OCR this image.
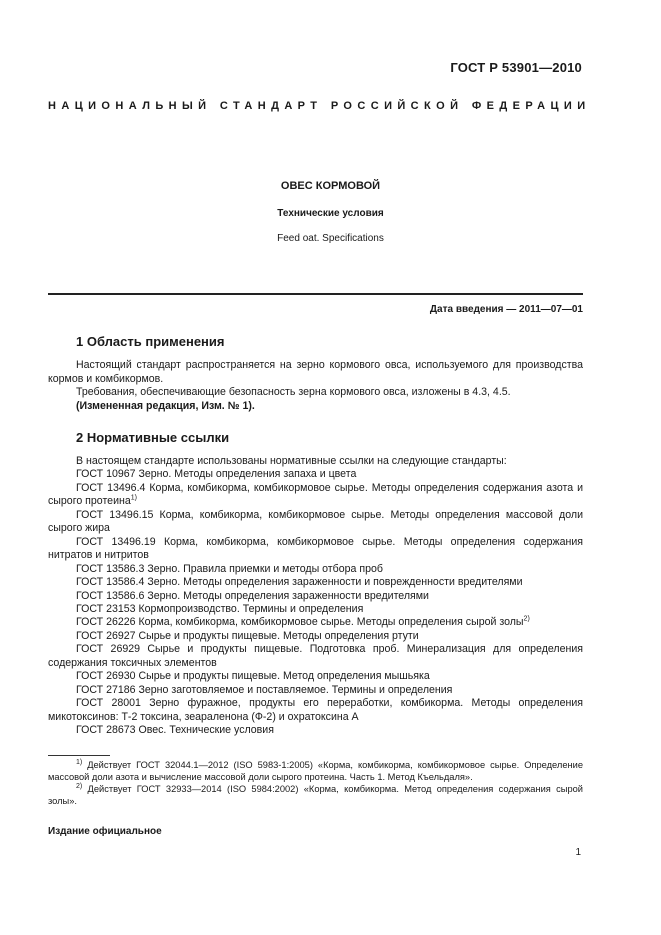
ГОСТ Р 53901—2010
НАЦИОНАЛЬНЫЙ СТАНДАРТ РОССИЙСКОЙ ФЕДЕРАЦИИ
ОВЕС КОРМОВОЙ
Технические условия
Feed oat. Specifications
Дата введения — 2011—07—01
1 Область применения
Настоящий стандарт распространяется на зерно кормового овса, используемого для производства кормов и комбикормов.
Требования, обеспечивающие безопасность зерна кормового овса, изложены в 4.3, 4.5.
(Измененная редакция, Изм. № 1).
2 Нормативные ссылки
В настоящем стандарте использованы нормативные ссылки на следующие стандарты:
ГОСТ 10967 Зерно. Методы определения запаха и цвета
ГОСТ 13496.4 Корма, комбикорма, комбикормовое сырье. Методы определения содержания азота и сырого протеина$^{1)}$
ГОСТ 13496.15 Корма, комбикорма, комбикормовое сырье. Методы определения массовой доли сырого жира
ГОСТ 13496.19 Корма, комбикорма, комбикормовое сырье. Методы определения содержания нитратов и нитритов
ГОСТ 13586.3 Зерно. Правила приемки и методы отбора проб
ГОСТ 13586.4 Зерно. Методы определения зараженности и поврежденности вредителями
ГОСТ 13586.6 Зерно. Методы определения зараженности вредителями
ГОСТ 23153 Кормопроизводство. Термины и определения
ГОСТ 26226 Корма, комбикорма, комбикормовое сырье. Методы определения сырой золы$^{2)}$
ГОСТ 26927 Сырье и продукты пищевые. Методы определения ртути
ГОСТ 26929 Сырье и продукты пищевые. Подготовка проб. Минерализация для определения содержания токсичных элементов
ГОСТ 26930 Сырье и продукты пищевые. Метод определения мышьяка
ГОСТ 27186 Зерно заготовляемое и поставляемое. Термины и определения
ГОСТ 28001 Зерно фуражное, продукты его переработки, комбикорма. Методы определения микотоксинов: Т-2 токсина, зеараленона (Ф-2) и охратоксина А
ГОСТ 28673 Овес. Технические условия
$^{1)}$ Действует ГОСТ 32044.1—2012 (ISO 5983-1:2005) «Корма, комбикорма, комбикормовое сырье. Определение массовой доли азота и вычисление массовой доли сырого протеина. Часть 1. Метод Къельдаля».
$^{2)}$ Действует ГОСТ 32933—2014 (ISO 5984:2002) «Корма, комбикорма. Метод определения содержания сырой золы».
Издание официальное
1
